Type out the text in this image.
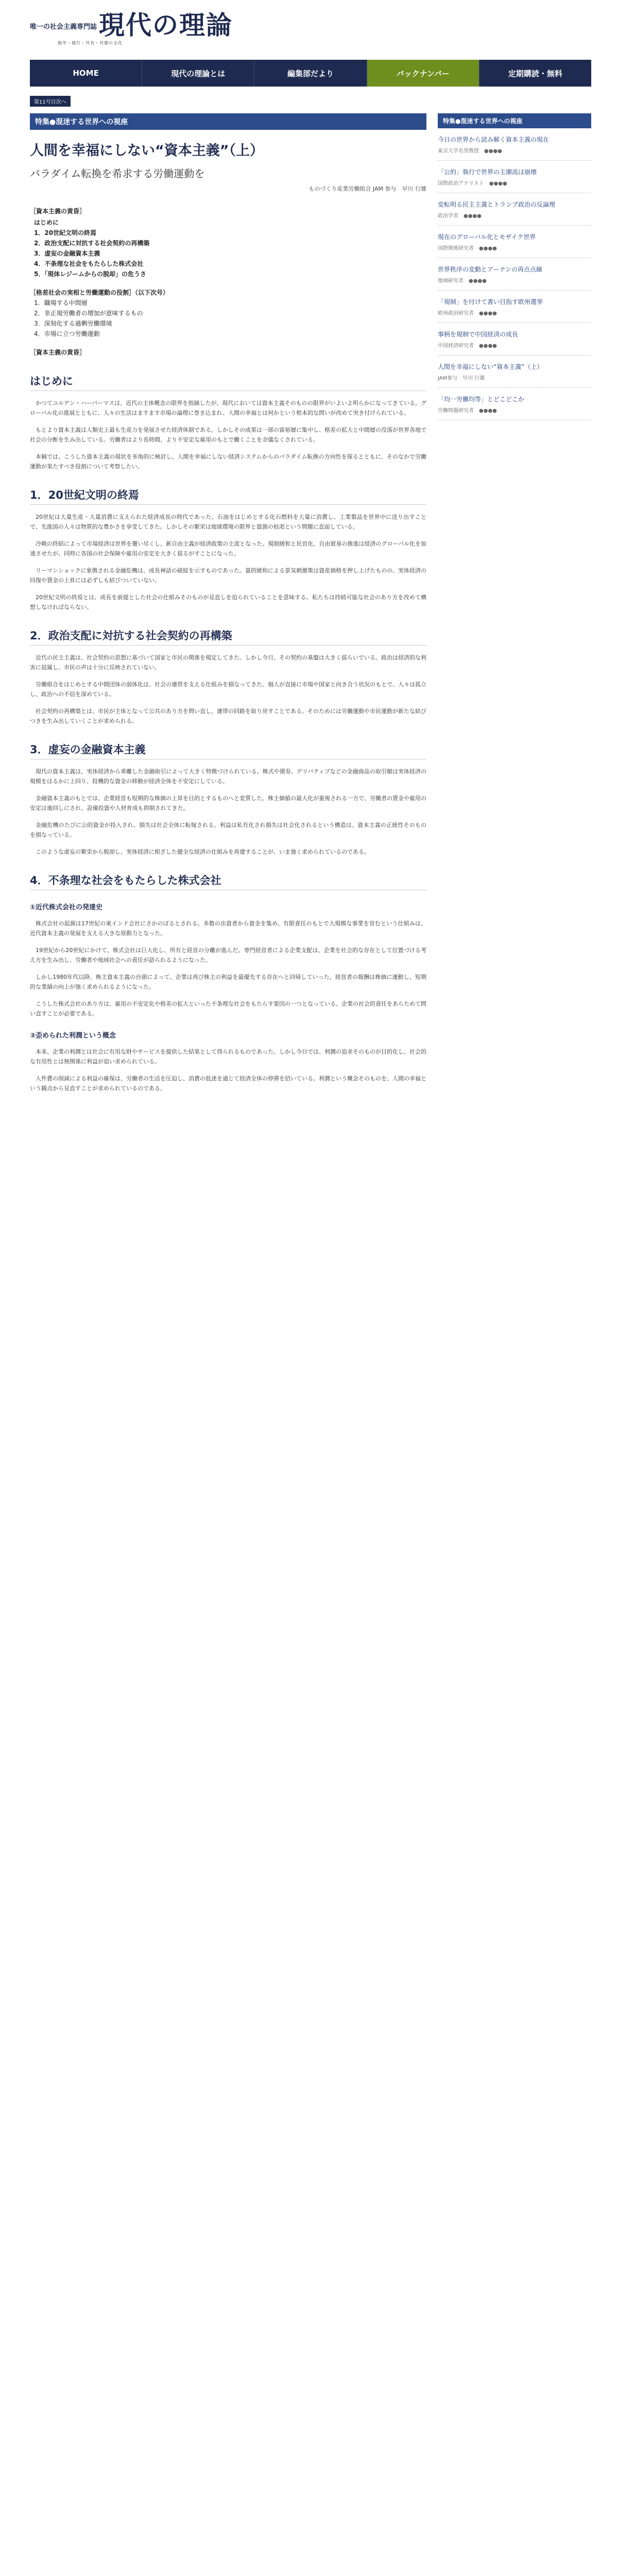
唯一の社会主義専門誌 現代の理論
独学・独行・共有・共感の文化
HOME	現代の理論とは	編集部だより	バックナンバー	定期購読・無料
第11号目次へ
特集●混迷する世界への視座
人間を幸福にしない“資本主義”（上）
パラダイム転換を希求する労働運動を
ものづくり産業労働組合 JAM 参与　早川 行雄
［資本主義の黄昏］
はじめに
1．20世紀文明の終焉
2．政治支配に対抗する社会契約の再構築
3．虚妄の金融資本主義
4．不条理な社会をもたらした株式会社
5．「現体レジームからの脱却」の危うさ
［格差社会の実相と労働運動の役割］（以下次号）
1．職場する中間層
2．非正規労働者の増加が意味するもの
3．深刻化する過剰労働環境
4．市場に立つ労働運動
［資本主義の黄昏］
はじめに

かつてユルゲン・ハーバーマスは、近代の主体概念の限界を指摘したが、現代においては資本主義そのものの限界がいよいよ明らかになってきている。グローバル化の進展とともに、人々の生活はますます市場の論理に巻き込まれ、人間の幸福とは何かという根本的な問いが改めて突き付けられている。

もとより資本主義は人類史上最も生産力を発展させた経済体制である。しかしその成果は一部の富裕層に集中し、格差の拡大と中間層の没落が世界各地で社会の分断を生み出している。労働者はより長時間、より不安定な雇用のもとで働くことを余儀なくされている。

本稿では、こうした資本主義の現状を多角的に検討し、人間を幸福にしない経済システムからのパラダイム転換の方向性を探るとともに、そのなかで労働運動が果たすべき役割について考察したい。

1．20世紀文明の終焉

20世紀は大量生産・大量消費に支えられた経済成長の時代であった。石油をはじめとする化石燃料を大量に消費し、工業製品を世界中に送り出すことで、先進国の人々は物質的な豊かさを享受してきた。しかしその繁栄は地球環境の限界と資源の枯渇という問題に直面している。

冷戦の終結によって市場経済は世界を覆い尽くし、新自由主義が経済政策の主流となった。規制緩和と民営化、自由貿易の推進は経済のグローバル化を加速させたが、同時に各国の社会保障や雇用の安定を大きく揺るがすことになった。

リーマンショックに象徴される金融危機は、成長神話の破綻を示すものであった。量的緩和による景気刺激策は資産価格を押し上げたものの、実体経済の回復や賃金の上昇には必ずしも結びついていない。

20世紀文明の終焉とは、成長を前提とした社会の仕組みそのものが見直しを迫られていることを意味する。私たちは持続可能な社会のあり方を改めて構想しなければならない。

2．政治支配に対抗する社会契約の再構築

近代の民主主義は、社会契約の思想に基づいて国家と市民の関係を規定してきた。しかし今日、その契約の基盤は大きく揺らいでいる。政治は経済的な利害に従属し、市民の声は十分に反映されていない。

労働組合をはじめとする中間団体の弱体化は、社会の連帯を支える仕組みを損なってきた。個人が直接に市場や国家と向き合う状況のもとで、人々は孤立し、政治への不信を深めている。

社会契約の再構築とは、市民が主体となって公共のあり方を問い直し、連帯の回路を取り戻すことである。そのためには労働運動や市民運動が新たな結びつきを生み出していくことが求められる。

3．虚妄の金融資本主義

現代の資本主義は、実体経済から乖離した金融取引によって大きく特徴づけられている。株式や債券、デリバティブなどの金融商品の取引額は実体経済の規模をはるかに上回り、投機的な資金の移動が経済全体を不安定にしている。

金融資本主義のもとでは、企業経営も短期的な株価の上昇を目的とするものへと変質した。株主価値の最大化が重視される一方で、労働者の賃金や雇用の安定は後回しにされ、設備投資や人材育成も抑制されてきた。

金融危機のたびに公的資金が投入され、損失は社会全体に転嫁される。利益は私有化され損失は社会化されるという構造は、資本主義の正統性そのものを損なっている。

このような虚妄の繁栄から脱却し、実体経済に根ざした健全な経済の仕組みを再建することが、いま強く求められているのである。

4．不条理な社会をもたらした株式会社
①近代株式会社の発達史

株式会社の起源は17世紀の東インド会社にさかのぼるとされる。多数の出資者から資金を集め、有限責任のもとで大規模な事業を営むという仕組みは、近代資本主義の発展を支える大きな原動力となった。

19世紀から20世紀にかけて、株式会社は巨大化し、所有と経営の分離が進んだ。専門経営者による企業支配は、企業を社会的な存在として位置づける考え方を生み出し、労働者や地域社会への責任が語られるようになった。

しかし1980年代以降、株主資本主義の台頭によって、企業は再び株主の利益を最優先する存在へと回帰していった。経営者の報酬は株価に連動し、短期的な業績の向上が強く求められるようになった。

こうした株式会社のあり方は、雇用の不安定化や格差の拡大といった不条理な社会をもたらす要因の一つとなっている。企業の社会的責任をあらためて問い直すことが必要である。

②歪められた利潤という概念

本来、企業の利潤とは社会に有用な財やサービスを提供した結果として得られるものであった。しかし今日では、利潤の追求そのものが目的化し、社会的な有用性とは無関係に利益が追い求められている。

人件費の削減による利益の確保は、労働者の生活を圧迫し、消費の低迷を通じて経済全体の停滞を招いている。利潤という概念そのものを、人間の幸福という観点から見直すことが求められているのである。

特集●混迷する世界への視座
今日の世界から読み解く資本主義の現在
東京大学名誉教授　●●●●
「公的」執行で世界の主潮流は崩壊
国際政治アナリスト　●●●●
変転明る民主主義とトランプ政治の反論理
政治学者　●●●●
現在のグローバル化とモザイク世界
国際関係研究者　●●●●
世界秩序の変動とアーテンの再点点線
地域研究者　●●●●
「規制」を付けて書い目指す欧州選挙
欧州政治研究者　●●●●
事柄を規制で中国経済の成長
中国経済研究者　●●●●
人間を幸福にしない“資本主義”（上）
JAM参与　早川 行雄
「均一労働均等」とどこどこか
労働問題研究者　●●●●
